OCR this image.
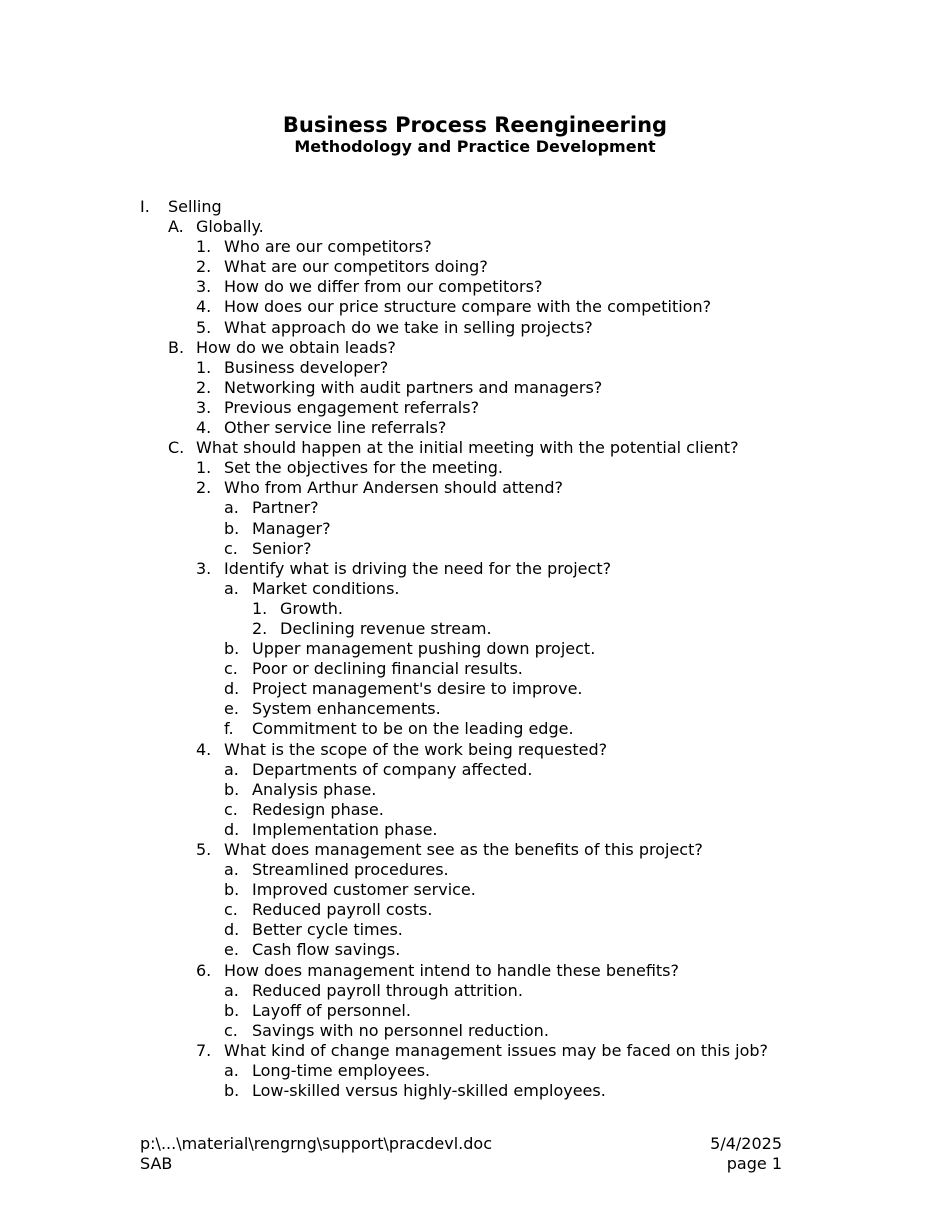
Business Process Reengineering
Methodology and Practice Development
I. Selling
A. Globally.
1. Who are our competitors?
2. What are our competitors doing?
3. How do we differ from our competitors?
4. How does our price structure compare with the competition?
5. What approach do we take in selling projects?
B. How do we obtain leads?
1. Business developer?
2. Networking with audit partners and managers?
3. Previous engagement referrals?
4. Other service line referrals?
C. What should happen at the initial meeting with the potential client?
1. Set the objectives for the meeting.
2. Who from Arthur Andersen should attend?
a. Partner?
b. Manager?
c. Senior?
3. Identify what is driving the need for the project?
a. Market conditions.
1. Growth.
2. Declining revenue stream.
b. Upper management pushing down project.
c. Poor or declining financial results.
d. Project management's desire to improve.
e. System enhancements.
f. Commitment to be on the leading edge.
4. What is the scope of the work being requested?
a. Departments of company affected.
b. Analysis phase.
c. Redesign phase.
d. Implementation phase.
5. What does management see as the benefits of this project?
a. Streamlined procedures.
b. Improved customer service.
c. Reduced payroll costs.
d. Better cycle times.
e. Cash flow savings.
6. How does management intend to handle these benefits?
a. Reduced payroll through attrition.
b. Layoff of personnel.
c. Savings with no personnel reduction.
7. What kind of change management issues may be faced on this job?
a. Long-time employees.
b. Low-skilled versus highly-skilled employees.
p:\...\material\rengrng\support\pracdevl.doc
SAB
5/4/2025
page 1
